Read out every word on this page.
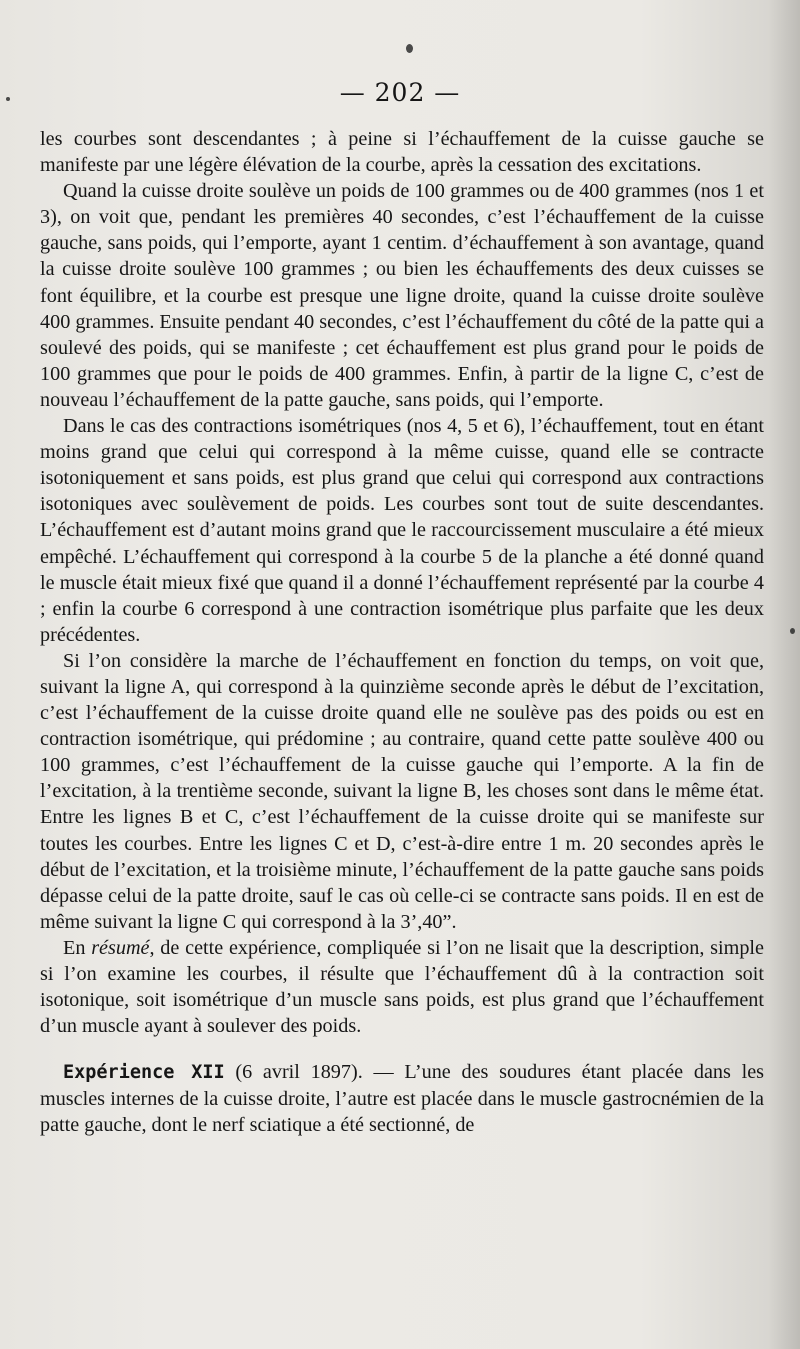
— 202 —

les courbes sont descendantes ; à peine si l’échauffement de la cuisse gauche se manifeste par une légère élévation de la courbe, après la cessation des excitations.

Quand la cuisse droite soulève un poids de 100 grammes ou de 400 grammes (nos 1 et 3), on voit que, pendant les premières 40 secondes, c’est l’échauffement de la cuisse gauche, sans poids, qui l’emporte, ayant 1 centim. d’échauffement à son avantage, quand la cuisse droite soulève 100 grammes ; ou bien les échauffements des deux cuisses se font équilibre, et la courbe est presque une ligne droite, quand la cuisse droite soulève 400 grammes. Ensuite pendant 40 secondes, c’est l’échauffement du côté de la patte qui a soulevé des poids, qui se manifeste ; cet échauffement est plus grand pour le poids de 100 grammes que pour le poids de 400 grammes. Enfin, à partir de la ligne C, c’est de nouveau l’échauffement de la patte gauche, sans poids, qui l’emporte.

Dans le cas des contractions isométriques (nos 4, 5 et 6), l’échauffement, tout en étant moins grand que celui qui correspond à la même cuisse, quand elle se contracte isotoniquement et sans poids, est plus grand que celui qui correspond aux contractions isotoniques avec soulèvement de poids. Les courbes sont tout de suite descendantes. L’échauffement est d’autant moins grand que le raccourcissement musculaire a été mieux empêché. L’échauffement qui correspond à la courbe 5 de la planche a été donné quand le muscle était mieux fixé que quand il a donné l’échauffement représenté par la courbe 4 ; enfin la courbe 6 correspond à une contraction isométrique plus parfaite que les deux précédentes.

Si l’on considère la marche de l’échauffement en fonction du temps, on voit que, suivant la ligne A, qui correspond à la quinzième seconde après le début de l’excitation, c’est l’échauffement de la cuisse droite quand elle ne soulève pas des poids ou est en contraction isométrique, qui prédomine ; au contraire, quand cette patte soulève 400 ou 100 grammes, c’est l’échauffement de la cuisse gauche qui l’emporte. A la fin de l’excitation, à la trentième seconde, suivant la ligne B, les choses sont dans le même état. Entre les lignes B et C, c’est l’échauffement de la cuisse droite qui se manifeste sur toutes les courbes. Entre les lignes C et D, c’est-à-dire entre 1 m. 20 secondes après le début de l’excitation, et la troisième minute, l’échauffement de la patte gauche sans poids dépasse celui de la patte droite, sauf le cas où celle-ci se contracte sans poids. Il en est de même suivant la ligne C qui correspond à la 3’,40”.

En résumé, de cette expérience, compliquée si l’on ne lisait que la description, simple si l’on examine les courbes, il résulte que l’échauffement dû à la contraction soit isotonique, soit isométrique d’un muscle sans poids, est plus grand que l’échauffement d’un muscle ayant à soulever des poids.

Expérience XII (6 avril 1897). — L’une des soudures étant placée dans les muscles internes de la cuisse droite, l’autre est placée dans le muscle gastrocnémien de la patte gauche, dont le nerf sciatique a été sectionné, de
